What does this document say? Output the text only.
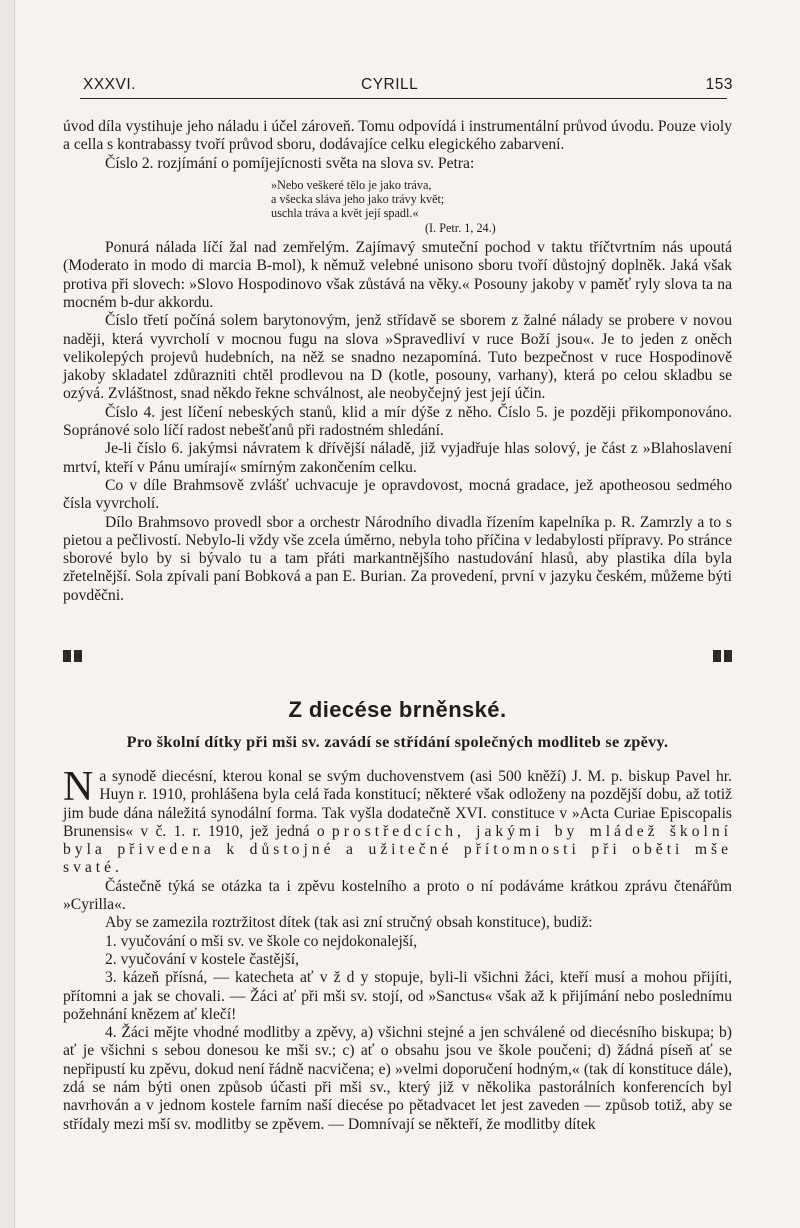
XXXVI.	CYRILL	153

úvod díla vystihuje jeho náladu i účel zároveň. Tomu odpovídá i instrumentální průvod úvodu. Pouze violy a cella s kontrabassy tvoří průvod sboru, dodávajíce celku elegického zabarvení.

Číslo 2. rozjímání o pomíjejícnosti světa na slova sv. Petra:

»Nebo veškeré tělo je jako tráva,
a všecka sláva jeho jako trávy květ;
uschla tráva a květ její spadl.«
(I. Petr. 1, 24.)

Ponurá nálada líčí žal nad zemřelým. Zajímavý smuteční pochod v taktu tříčtvrtním nás upoutá (Moderato in modo di marcia B-mol), k němuž velebné unisono sboru tvoří důstojný doplněk. Jaká však protiva při slovech: »Slovo Hospodinovo však zůstává na věky.« Posouny jakoby v paměť ryly slova ta na mocném b-dur akkordu.

Číslo třetí počíná solem barytonovým, jenž střídavě se sborem z žalné nálady se probere v novou naději, která vyvrcholí v mocnou fugu na slova »Spravedliví v ruce Boží jsou«. Je to jeden z oněch velikolepých projevů hudebních, na něž se snadno nezapomíná. Tuto bezpečnost v ruce Hospodinově jakoby skladatel zdůrazniti chtěl prodlevou na D (kotle, posouny, varhany), která po celou skladbu se ozývá. Zvláštnost, snad někdo řekne schválnost, ale neobyčejný jest její účin.

Číslo 4. jest líčení nebeských stanů, klid a mír dýše z něho. Číslo 5. je později přikomponováno. Sopránové solo líčí radost nebešťanů při radostném shledání.

Je-li číslo 6. jakýmsi návratem k dřívější náladě, již vyjadřuje hlas solový, je část z »Blahoslavení mrtví, kteří v Pánu umírají« smírným zakončením celku.

Co v díle Brahmsově zvlášť uchvacuje je opravdovost, mocná gradace, jež apotheosou sedmého čísla vyvrcholí.

Dílo Brahmsovo provedl sbor a orchestr Národního divadla řízením kapelníka p. R. Zamrzly a to s pietou a pečlivostí. Nebylo-li vždy vše zcela úměrno, nebyla toho příčina v ledabylosti přípravy. Po stránce sborové bylo by si bývalo tu a tam přáti markantnějšího nastudování hlasů, aby plastika díla byla zřetelnější. Sola zpívali paní Bobková a pan E. Burian. Za provedení, první v jazyku českém, můžeme býti povděčni.

Z diecése brněnské.
Pro školní dítky při mši sv. zavádí se střídání společných modliteb se zpěvy.

Na synodě diecésní, kterou konal se svým duchovenstvem (asi 500 kněží) J. M. p. biskup Pavel hr. Huyn r. 1910, prohlášena byla celá řada konstitucí; některé však odloženy na pozdější dobu, až totiž jim bude dána náležitá synodální forma. Tak vyšla dodatečně XVI. constituce v »Acta Curiae Episcopalis Brunensis« v č. 1. r. 1910, jež jedná o prostředcích, jakými by mládež školní byla přivedena k důstojné a užitečné přítomnosti při oběti mše svaté.

Částečně týká se otázka ta i zpěvu kostelního a proto o ní podáváme krátkou zprávu čtenářům »Cyrilla«.

Aby se zamezila roztržitost dítek (tak asi zní stručný obsah konstituce), budiž:

1. vyučování o mši sv. ve škole co nejdokonalejší,

2. vyučování v kostele častější,

3. kázeň přísná, — katecheta ať v ž d y stopuje, byli-li všichni žáci, kteří musí a mohou přijíti, přítomni a jak se chovali. — Žáci ať při mši sv. stojí, od »Sanctus« však až k přijímání nebo poslednímu požehnání knězem ať klečí!

4. Žáci mějte vhodné modlitby a zpěvy, a) všichni stejné a jen schválené od diecésního biskupa; b) ať je všichni s sebou donesou ke mši sv.; c) ať o obsahu jsou ve škole poučeni; d) žádná píseň ať se nepřipustí ku zpěvu, dokud není řádně nacvičena; e) »velmi doporučení hodným,« (tak dí konstituce dále), zdá se nám býti onen způsob účasti při mši sv., který již v několika pastorálních konferencích byl navrhován a v jednom kostele farním naší diecése po pětadvacet let jest zaveden — způsob totiž, aby se střídaly mezi mší sv. modlitby se zpěvem. — Domnívají se někteří, že modlitby dítek
